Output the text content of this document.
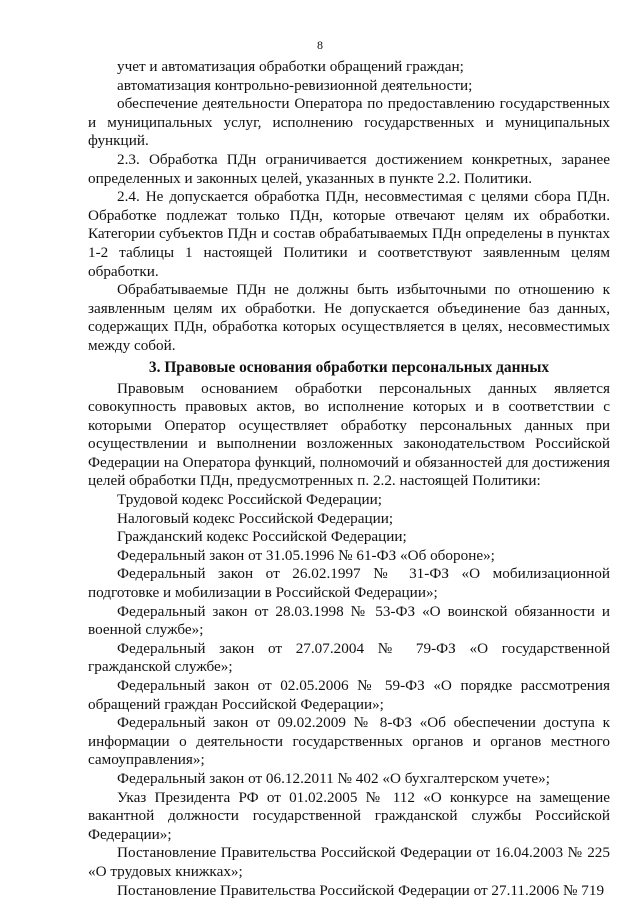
8

учет и автоматизация обработки обращений граждан;

автоматизация контрольно-ревизионной деятельности;

обеспечение деятельности Оператора по предоставлению государственных и муниципальных услуг, исполнению государственных и муниципальных функций.

2.3. Обработка ПДн ограничивается достижением конкретных, заранее определенных и законных целей, указанных в пункте 2.2. Политики.

2.4. Не допускается обработка ПДн, несовместимая с целями сбора ПДн. Обработке подлежат только ПДн, которые отвечают целям их обработки. Категории субъектов ПДн и состав обрабатываемых ПДн определены в пунктах 1-2 таблицы 1 настоящей Политики и соответствуют заявленным целям обработки.

Обрабатываемые ПДн не должны быть избыточными по отношению к заявленным целям их обработки. Не допускается объединение баз данных, содержащих ПДн, обработка которых осуществляется в целях, несовместимых между собой.

3. Правовые основания обработки персональных данных

Правовым основанием обработки персональных данных является совокупность правовых актов, во исполнение которых и в соответствии с которыми Оператор осуществляет обработку персональных данных при осуществлении и выполнении возложенных законодательством Российской Федерации на Оператора функций, полномочий и обязанностей для достижения целей обработки ПДн, предусмотренных п. 2.2. настоящей Политики:

Трудовой кодекс Российской Федерации;

Налоговый кодекс Российской Федерации;

Гражданский кодекс Российской Федерации;

Федеральный закон от 31.05.1996 № 61-ФЗ «Об обороне»;

Федеральный закон от 26.02.1997 № 31-ФЗ «О мобилизационной подготовке и мобилизации в Российской Федерации»;

Федеральный закон от 28.03.1998 № 53-ФЗ «О воинской обязанности и военной службе»;

Федеральный закон от 27.07.2004 № 79-ФЗ «О государственной гражданской службе»;

Федеральный закон от 02.05.2006 № 59-ФЗ «О порядке рассмотрения обращений граждан Российской Федерации»;

Федеральный закон от 09.02.2009 № 8-ФЗ «Об обеспечении доступа к информации о деятельности государственных органов и органов местного самоуправления»;

Федеральный закон от 06.12.2011 № 402 «О бухгалтерском учете»;

Указ Президента РФ от 01.02.2005 № 112 «О конкурсе на замещение вакантной должности государственной гражданской службы Российской Федерации»;

Постановление Правительства Российской Федерации от 16.04.2003 № 225 «О трудовых книжках»;

Постановление Правительства Российской Федерации от 27.11.2006 № 719
